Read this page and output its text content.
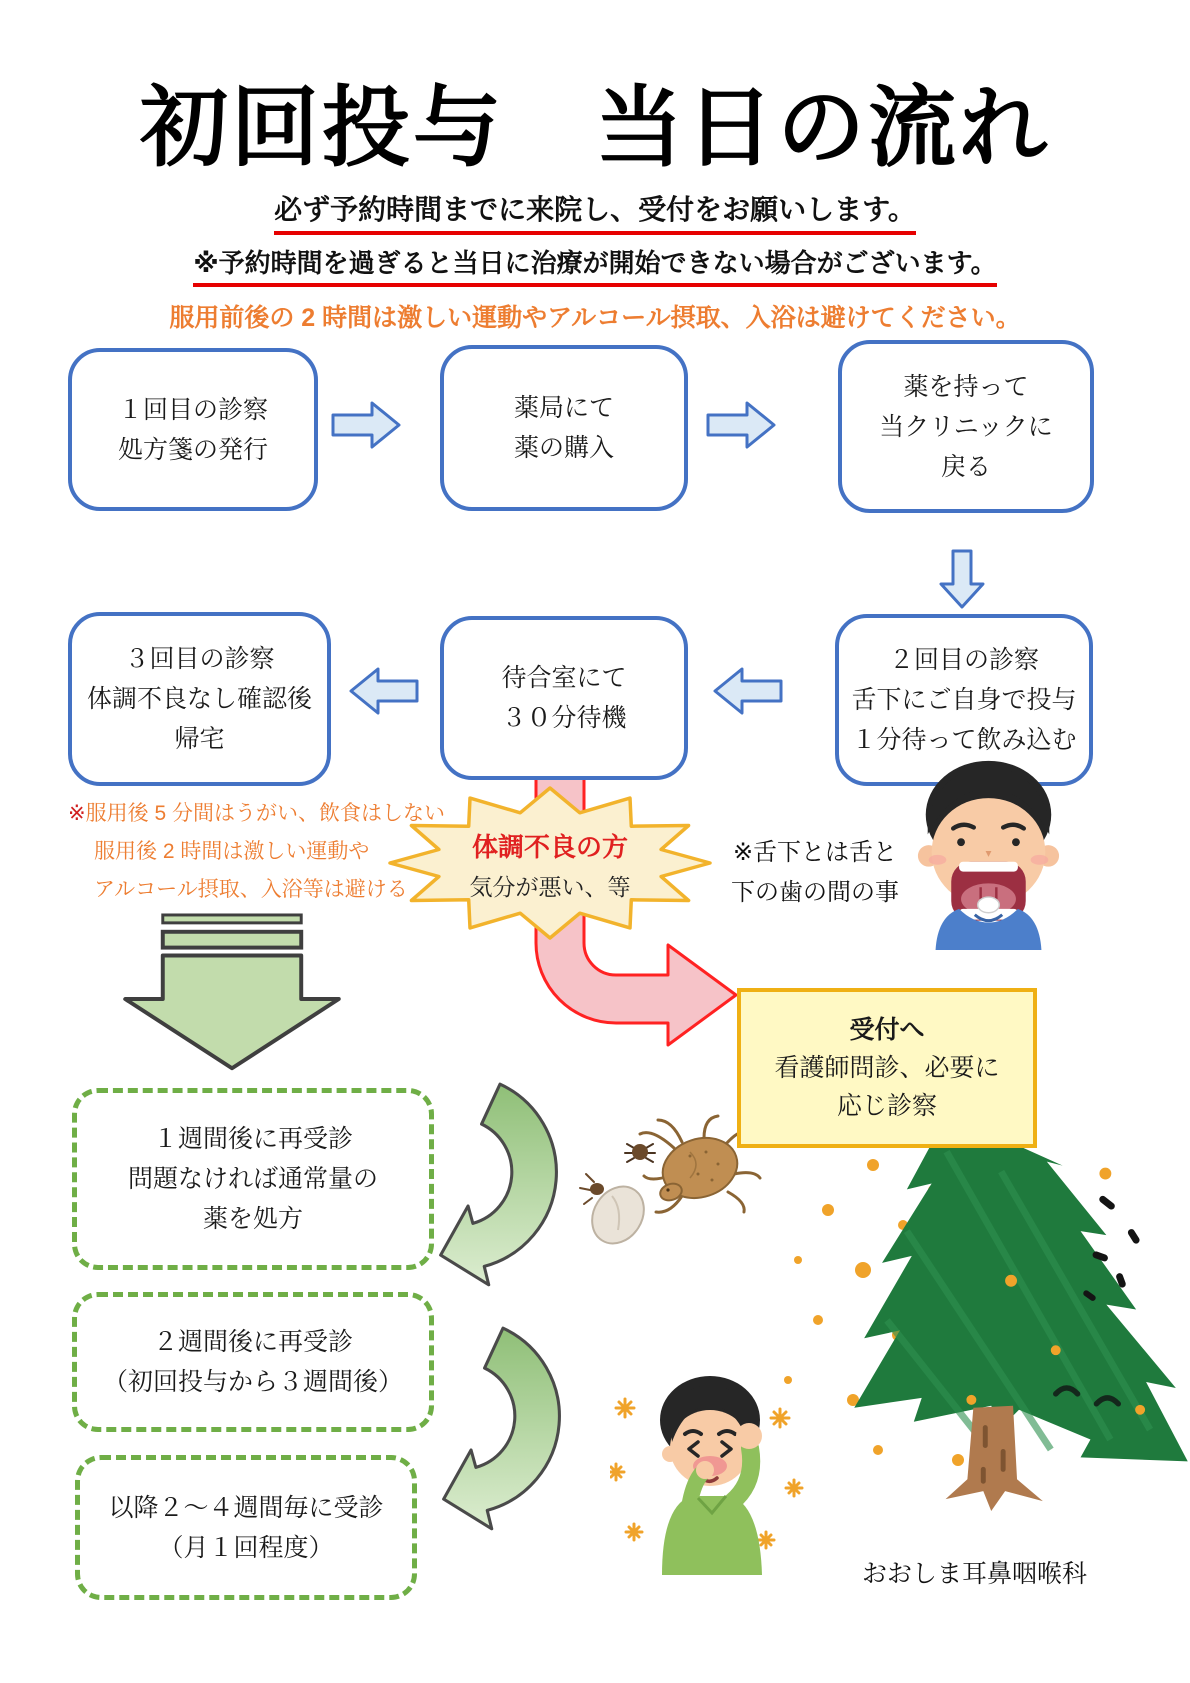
初回投与　当日の流れ
必ず予約時間までに来院し、受付をお願いします。
※予約時間を過ぎると当日に治療が開始できない場合がございます。
服用前後の 2 時間は激しい運動やアルコール摂取、入浴は避けてください。
１回目の診察
処方箋の発行
薬局にて
薬の購入
薬を持って
当クリニックに
戻る
２回目の診察
舌下にご自身で投与
１分待って飲み込む
待合室にて
３０分待機
３回目の診察
体調不良なし確認後
帰宅
※服用後 5 分間はうがい、飲食はしない
服用後 2 時間は激しい運動や
アルコール摂取、入浴等は避ける
体調不良の方
気分が悪い、等
※舌下とは舌と
下の歯の間の事
受付へ
看護師問診、必要に
応じ診察
１週間後に再受診
問題なければ通常量の
薬を処方
２週間後に再受診
（初回投与から３週間後）
以降２～４週間毎に受診
（月１回程度）
おおしま耳鼻咽喉科
